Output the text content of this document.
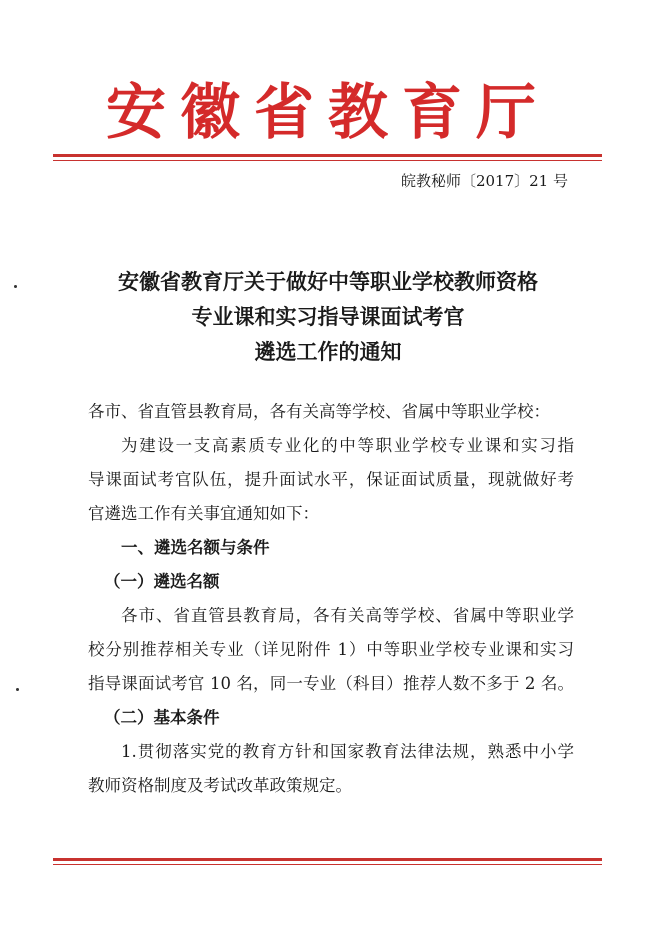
安徽省教育厅
皖教秘师〔2017〕21 号
安徽省教育厅关于做好中等职业学校教师资格
专业课和实习指导课面试考官
遴选工作的通知
各市、省直管县教育局，各有关高等学校、省属中等职业学校：
为建设一支高素质专业化的中等职业学校专业课和实习指
导课面试考官队伍，提升面试水平，保证面试质量，现就做好考
官遴选工作有关事宜通知如下：
一、遴选名额与条件
（一）遴选名额
各市、省直管县教育局，各有关高等学校、省属中等职业学
校分别推荐相关专业（详见附件 1）中等职业学校专业课和实习
指导课面试考官 10 名，同一专业（科目）推荐人数不多于 2 名。
（二）基本条件
1.贯彻落实党的教育方针和国家教育法律法规，熟悉中小学
教师资格制度及考试改革政策规定。
